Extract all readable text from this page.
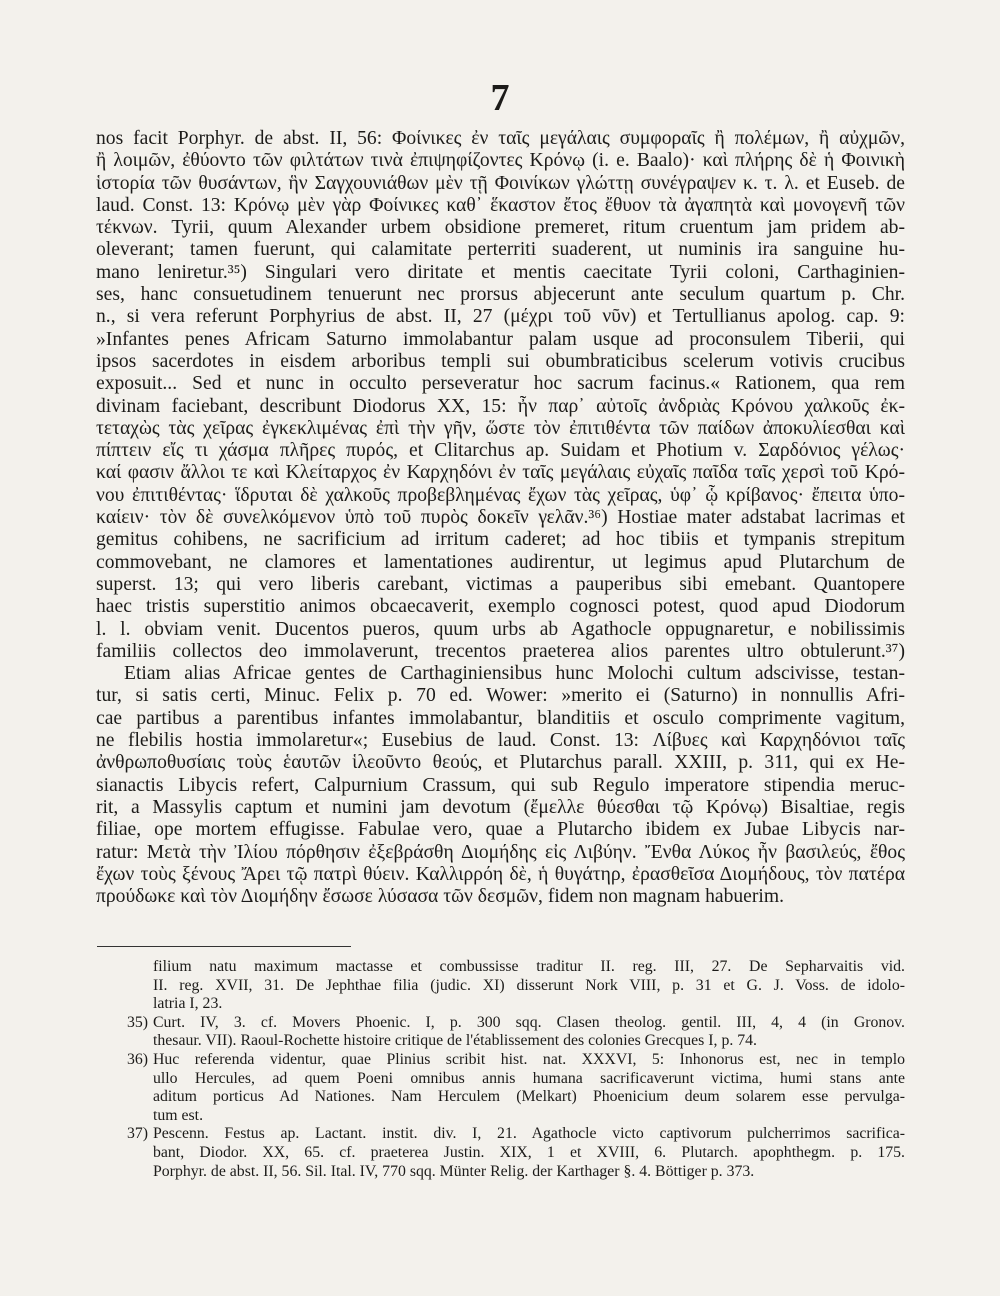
7
nos facit Porphyr. de abst. II, 56: Φοίνικες ἐν ταῖς μεγάλαις συμφοραῖς ἢ πολέμων, ἢ αὐχμῶν,
ἢ λοιμῶν, ἐθύοντο τῶν φιλτάτων τινὰ ἐπιψηφίζοντες Κρόνῳ (i. e. Baalo)· καὶ πλήρης δὲ ἡ Φοινικὴ
ἱστορία τῶν θυσάντων, ἣν Σαγχουνιάθων μὲν τῇ Φοινίκων γλώττῃ συνέγραψεν κ. τ. λ. et Euseb. de
laud. Const. 13: Κρόνῳ μὲν γὰρ Φοίνικες καθ᾽ ἕκαστον ἔτος ἔθυον τὰ ἀγαπητὰ καὶ μονογενῆ τῶν
τέκνων. Tyrii, quum Alexander urbem obsidione premeret, ritum cruentum jam pridem ab-
oleverant; tamen fuerunt, qui calamitate perterriti suaderent, ut numinis ira sanguine hu-
mano leniretur.³⁵) Singulari vero diritate et mentis caecitate Tyrii coloni, Carthaginien-
ses, hanc consuetudinem tenuerunt nec prorsus abjecerunt ante seculum quartum p. Chr.
n., si vera referunt Porphyrius de abst. II, 27 (μέχρι τοῦ νῦν) et Tertullianus apolog. cap. 9:
»Infantes penes Africam Saturno immolabantur palam usque ad proconsulem Tiberii, qui
ipsos sacerdotes in eisdem arboribus templi sui obumbraticibus scelerum votivis crucibus
exposuit... Sed et nunc in occulto perseveratur hoc sacrum facinus.« Rationem, qua rem
divinam faciebant, describunt Diodorus XX, 15: ἦν παρ᾽ αὐτοῖς ἀνδριὰς Κρόνου χαλκοῦς ἐκ-
τεταχὼς τὰς χεῖρας ἐγκεκλιμένας ἐπὶ τὴν γῆν, ὥστε τὸν ἐπιτιθέντα τῶν παίδων ἀποκυλίεσθαι καὶ
πίπτειν εἴς τι χάσμα πλῆρες πυρός, et Clitarchus ap. Suidam et Photium v. Σαρδόνιος γέλως·
καί φασιν ἄλλοι τε καὶ Κλείταρχος ἐν Καρχηδόνι ἐν ταῖς μεγάλαις εὐχαῖς παῖδα ταῖς χερσὶ τοῦ Κρό-
νου ἐπιτιθέντας· ἵδρυται δὲ χαλκοῦς προβεβλημένας ἔχων τὰς χεῖρας, ὑφ᾽ ᾧ κρίβανος· ἔπειτα ὑπο-
καίειν· τὸν δὲ συνελκόμενον ὑπὸ τοῦ πυρὸς δοκεῖν γελᾶν.³⁶) Hostiae mater adstabat lacrimas et
gemitus cohibens, ne sacrificium ad irritum caderet; ad hoc tibiis et tympanis strepitum
commovebant, ne clamores et lamentationes audirentur, ut legimus apud Plutarchum de
superst. 13; qui vero liberis carebant, victimas a pauperibus sibi emebant. Quantopere
haec tristis superstitio animos obcaecaverit, exemplo cognosci potest, quod apud Diodorum
l. l. obviam venit. Ducentos pueros, quum urbs ab Agathocle oppugnaretur, e nobilissimis
familiis collectos deo immolaverunt, trecentos praeterea alios parentes ultro obtulerunt.³⁷)
Etiam alias Africae gentes de Carthaginiensibus hunc Molochi cultum adscivisse, testan-
tur, si satis certi, Minuc. Felix p. 70 ed. Wower: »merito ei (Saturno) in nonnullis Afri-
cae partibus a parentibus infantes immolabantur, blanditiis et osculo comprimente vagitum,
ne flebilis hostia immolaretur«; Eusebius de laud. Const. 13: Λίβυες καὶ Καρχηδόνιοι ταῖς
ἀνθρωποθυσίαις τοὺς ἑαυτῶν ἱλεοῦντο θεούς, et Plutarchus parall. XXIII, p. 311, qui ex He-
sianactis Libycis refert, Calpurnium Crassum, qui sub Regulo imperatore stipendia meruc-
rit, a Massylis captum et numini jam devotum (ἔμελλε θύεσθαι τῷ Κρόνῳ) Bisaltiae, regis
filiae, ope mortem effugisse. Fabulae vero, quae a Plutarcho ibidem ex Jubae Libycis nar-
ratur: Μετὰ τὴν Ἰλίου πόρθησιν ἐξεβράσθη Διομήδης εἰς Λιβύην. Ἔνθα Λύκος ἦν βασιλεύς, ἔθος
ἔχων τοὺς ξένους Ἄρει τῷ πατρὶ θύειν. Καλλιρρόη δὲ, ἡ θυγάτηρ, ἐρασθεῖσα Διομήδους, τὸν πατέρα
προύδωκε καὶ τὸν Διομήδην ἔσωσε λύσασα τῶν δεσμῶν, fidem non magnam habuerim.
filium natu maximum mactasse et combussisse traditur II. reg. III, 27. De Sepharvaitis vid.
II. reg. XVII, 31. De Jephthae filia (judic. XI) disserunt Nork VIII, p. 31 et G. J. Voss. de idolo-
latria I, 23.
35) Curt. IV, 3. cf. Movers Phoenic. I, p. 300 sqq. Clasen theolog. gentil. III, 4, 4 (in Gronov.
thesaur. VII). Raoul-Rochette histoire critique de l'établissement des colonies Grecques I, p. 74.
36) Huc referenda videntur, quae Plinius scribit hist. nat. XXXVI, 5: Inhonorus est, nec in templo
ullo Hercules, ad quem Poeni omnibus annis humana sacrificaverunt victima, humi stans ante
aditum porticus Ad Nationes. Nam Herculem (Melkart) Phoenicium deum solarem esse pervulga-
tum est.
37) Pescenn. Festus ap. Lactant. instit. div. I, 21. Agathocle victo captivorum pulcherrimos sacrifica-
bant, Diodor. XX, 65. cf. praeterea Justin. XIX, 1 et XVIII, 6. Plutarch. apophthegm. p. 175.
Porphyr. de abst. II, 56. Sil. Ital. IV, 770 sqq. Münter Relig. der Karthager §. 4. Böttiger p. 373.
